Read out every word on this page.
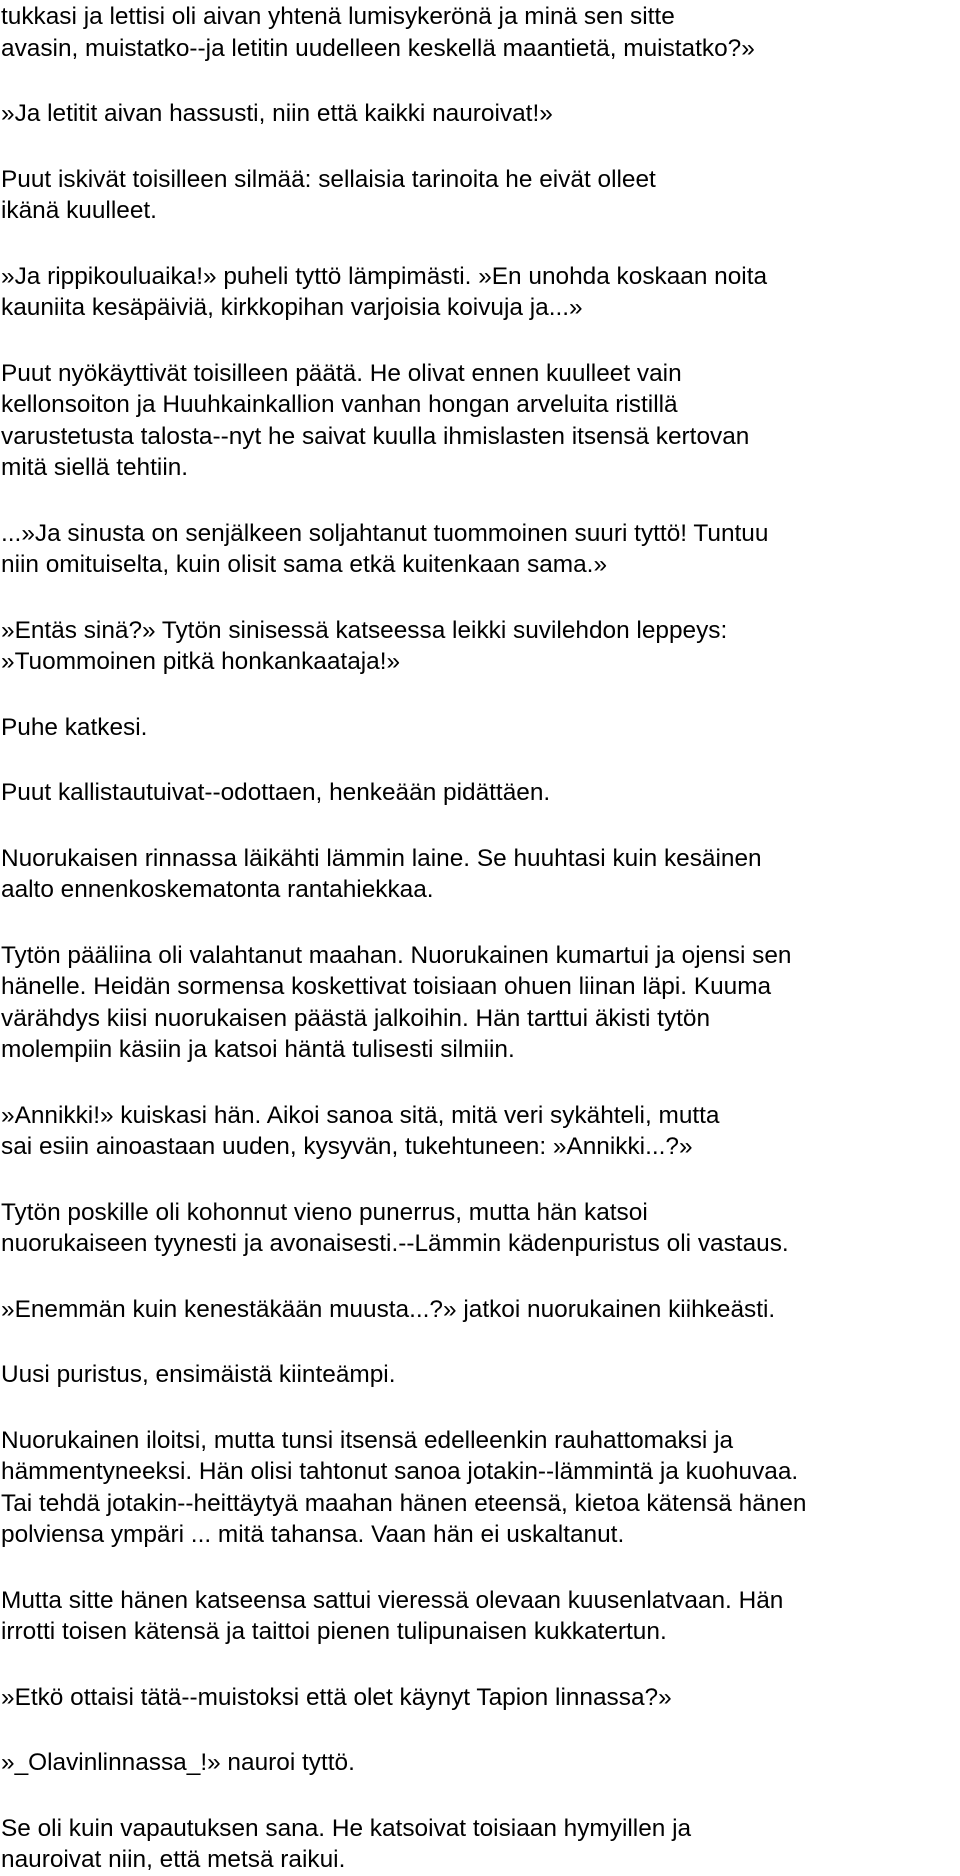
tukkasi ja lettisi oli aivan yhtenä lumisykerönä ja minä sen sitte
avasin, muistatko--ja letitin uudelleen keskellä maantietä, muistatko?»

»Ja letitit aivan hassusti, niin että kaikki nauroivat!»

Puut iskivät toisilleen silmää: sellaisia tarinoita he eivät olleet
ikänä kuulleet.

»Ja rippikouluaika!» puheli tyttö lämpimästi. »En unohda koskaan noita
kauniita kesäpäiviä, kirkkopihan varjoisia koivuja ja...»

Puut nyökäyttivät toisilleen päätä. He olivat ennen kuulleet vain
kellonsoiton ja Huuhkainkallion vanhan hongan arveluita ristillä
varustetusta talosta--nyt he saivat kuulla ihmislasten itsensä kertovan
mitä siellä tehtiin.

...»Ja sinusta on senjälkeen soljahtanut tuommoinen suuri tyttö! Tuntuu
niin omituiselta, kuin olisit sama etkä kuitenkaan sama.»

»Entäs sinä?» Tytön sinisessä katseessa leikki suvilehdon leppeys:
»Tuommoinen pitkä honkankaataja!»

Puhe katkesi.

Puut kallistautuivat--odottaen, henkeään pidättäen.

Nuorukaisen rinnassa läikähti lämmin laine. Se huuhtasi kuin kesäinen
aalto ennenkoskematonta rantahiekkaa.

Tytön pääliina oli valahtanut maahan. Nuorukainen kumartui ja ojensi sen
hänelle. Heidän sormensa koskettivat toisiaan ohuen liinan läpi. Kuuma
värähdys kiisi nuorukaisen päästä jalkoihin. Hän tarttui äkisti tytön
molempiin käsiin ja katsoi häntä tulisesti silmiin.

»Annikki!» kuiskasi hän. Aikoi sanoa sitä, mitä veri sykähteli, mutta
sai esiin ainoastaan uuden, kysyvän, tukehtuneen: »Annikki...?»

Tytön poskille oli kohonnut vieno punerrus, mutta hän katsoi
nuorukaiseen tyynesti ja avonaisesti.--Lämmin kädenpuristus oli vastaus.

»Enemmän kuin kenestäkään muusta...?» jatkoi nuorukainen kiihkeästi.

Uusi puristus, ensimäistä kiinteämpi.

Nuorukainen iloitsi, mutta tunsi itsensä edelleenkin rauhattomaksi ja
hämmentyneeksi. Hän olisi tahtonut sanoa jotakin--lämmintä ja kuohuvaa.
Tai tehdä jotakin--heittäytyä maahan hänen eteensä, kietoa kätensä hänen
polviensa ympäri ... mitä tahansa. Vaan hän ei uskaltanut.

Mutta sitte hänen katseensa sattui vieressä olevaan kuusenlatvaan. Hän
irrotti toisen kätensä ja taittoi pienen tulipunaisen kukkatertun.

»Etkö ottaisi tätä--muistoksi että olet käynyt Tapion linnassa?»

»_Olavinlinnassa_!» nauroi tyttö.

Se oli kuin vapautuksen sana. He katsoivat toisiaan hymyillen ja
nauroivat niin, että metsä raikui.
